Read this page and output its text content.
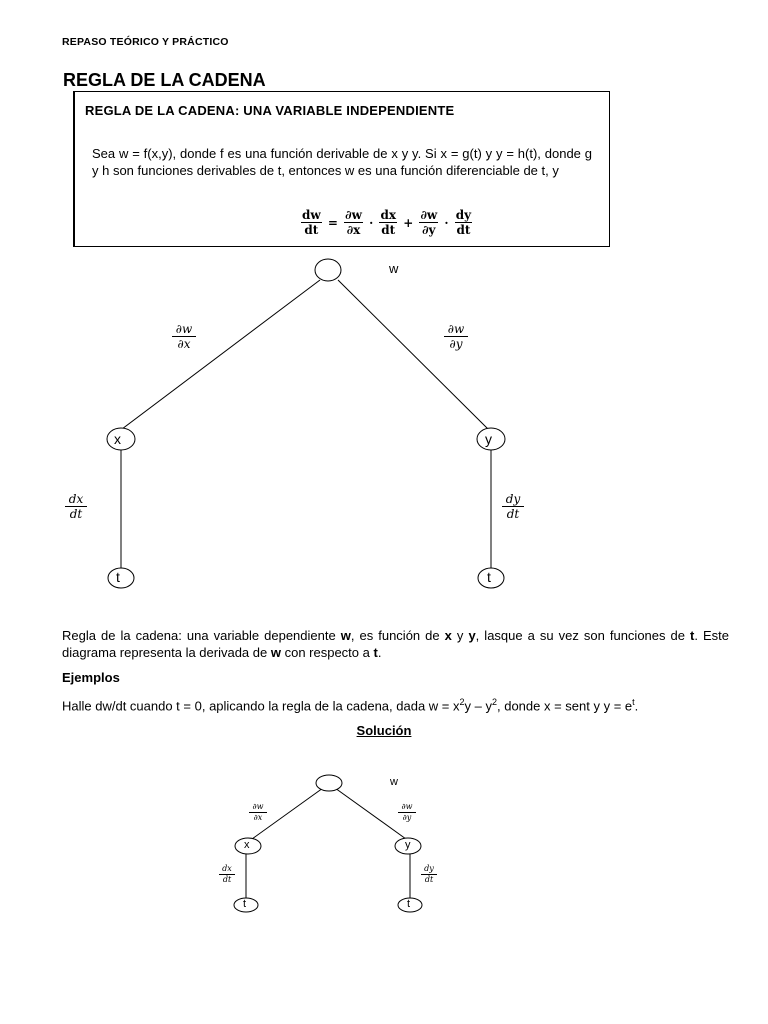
REPASO TEÓRICO Y PRÁCTICO
REGLA DE LA CADENA
REGLA DE LA CADENA: UNA VARIABLE INDEPENDIENTE
Sea w = f(x,y), donde f es una función derivable de x y y. Si x = g(t) y y = h(t), donde g y h son funciones derivables de t, entonces w es una función diferenciable de t, y
$\frac{dw}{dt} = \frac{\partial w}{\partial x} \cdot \frac{dx}{dt} + \frac{\partial w}{\partial y} \cdot \frac{dy}{dt}$
w
x	y
t	t
$\frac{\partial w}{\partial x}$	$\frac{\partial w}{\partial y}$
$\frac{dx}{dt}$	$\frac{dy}{dt}$
Regla de la cadena: una variable dependiente w, es función de x y y, lasque a su vez son funciones de t. Este diagrama representa la derivada de w con respecto a t.
Ejemplos
Halle dw/dt cuando t = 0, aplicando la regla de la cadena, dada $w = x^2y - y^2$, donde x = sent y $y = e^t$.
Solución
w
x	y
t	t
$\frac{\partial w}{\partial x}$	$\frac{\partial w}{\partial y}$
$\frac{dx}{dt}$	$\frac{dy}{dt}$
